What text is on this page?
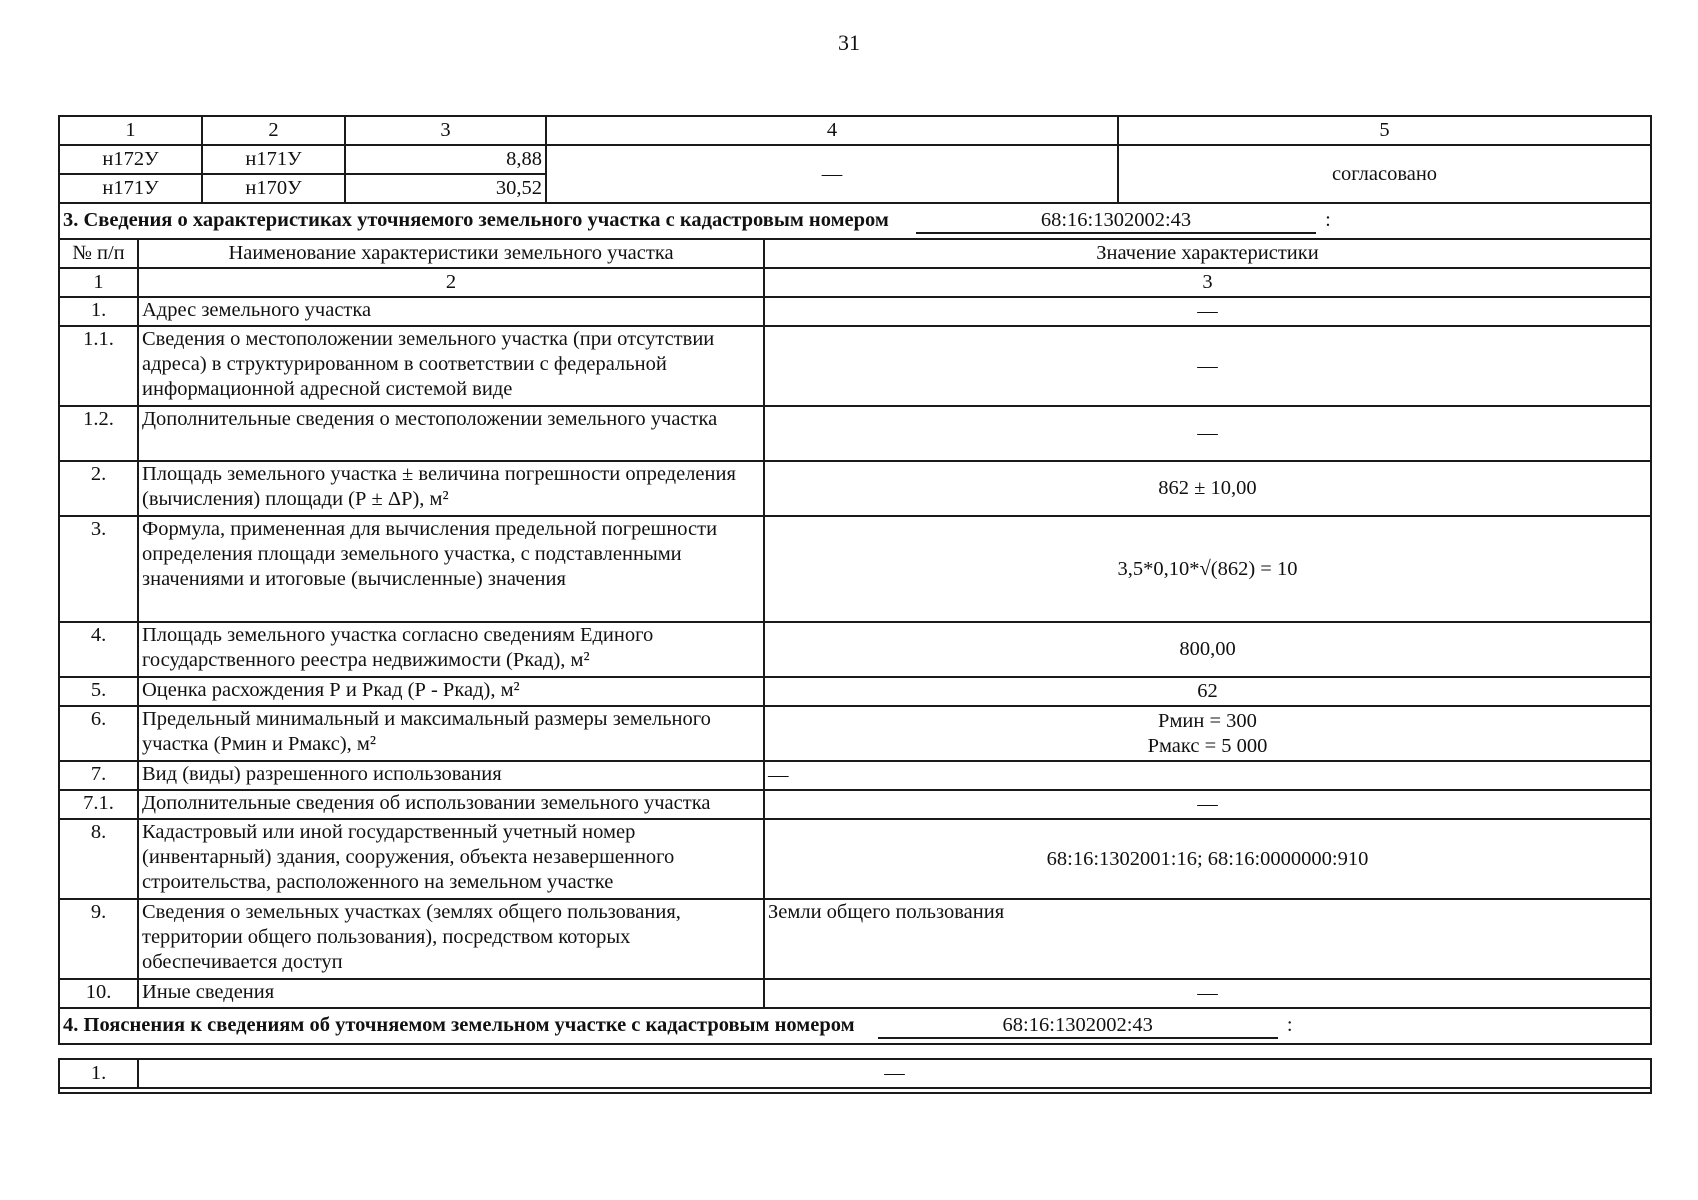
31
1	2	3	4	5
н172У	н171У	8,88	—	согласовано
н171У	н170У	30,52		
3. Сведения о характеристиках уточняемого земельного участка с кадастровым номером 68:16:1302002:43 :		
№ п/п	Наименование характеристики земельного участка	Значение характеристики
1	2	3
1.	Адрес земельного участка	—
1.1.	Сведения о местоположении земельного участка (при отсутствии адреса) в структурированном в соответствии с федеральной информационной адресной системой виде	—
1.2.	Дополнительные сведения о местоположении земельного участка	—
2.	Площадь земельного участка ± величина погрешности определения (вычисления) площади (Р ± ΔР), м²	862 ± 10,00
3.	Формула, примененная для вычисления предельной погрешности определения площади земельного участка, с подставленными значениями и итоговые (вычисленные) значения	3,5*0,10*√(862) = 10
4.	Площадь земельного участка согласно сведениям Единого государственного реестра недвижимости (Ркад), м²	800,00
5.	Оценка расхождения Р и Ркад (Р - Ркад), м²	62
6.	Предельный минимальный и максимальный размеры земельного участка (Рмин и Рмакс), м²	Рмин = 300
Рмакс = 5 000

7.	Вид (виды) разрешенного использования	—
7.1.	Дополнительные сведения об использовании земельного участка	—
8.	Кадастровый или иной государственный учетный номер (инвентарный) здания, сооружения, объекта незавершенного строительства, расположенного на земельном участке	68:16:1302001:16; 68:16:0000000:910
9.	Сведения о земельных участках (землях общего пользования, территории общего пользования), посредством которых обеспечивается доступ	Земли общего пользования
10.	Иные сведения	—
4. Пояснения к сведениям об уточняемом земельном участке с кадастровым номером 68:16:1302002:43 :		
1.	—
